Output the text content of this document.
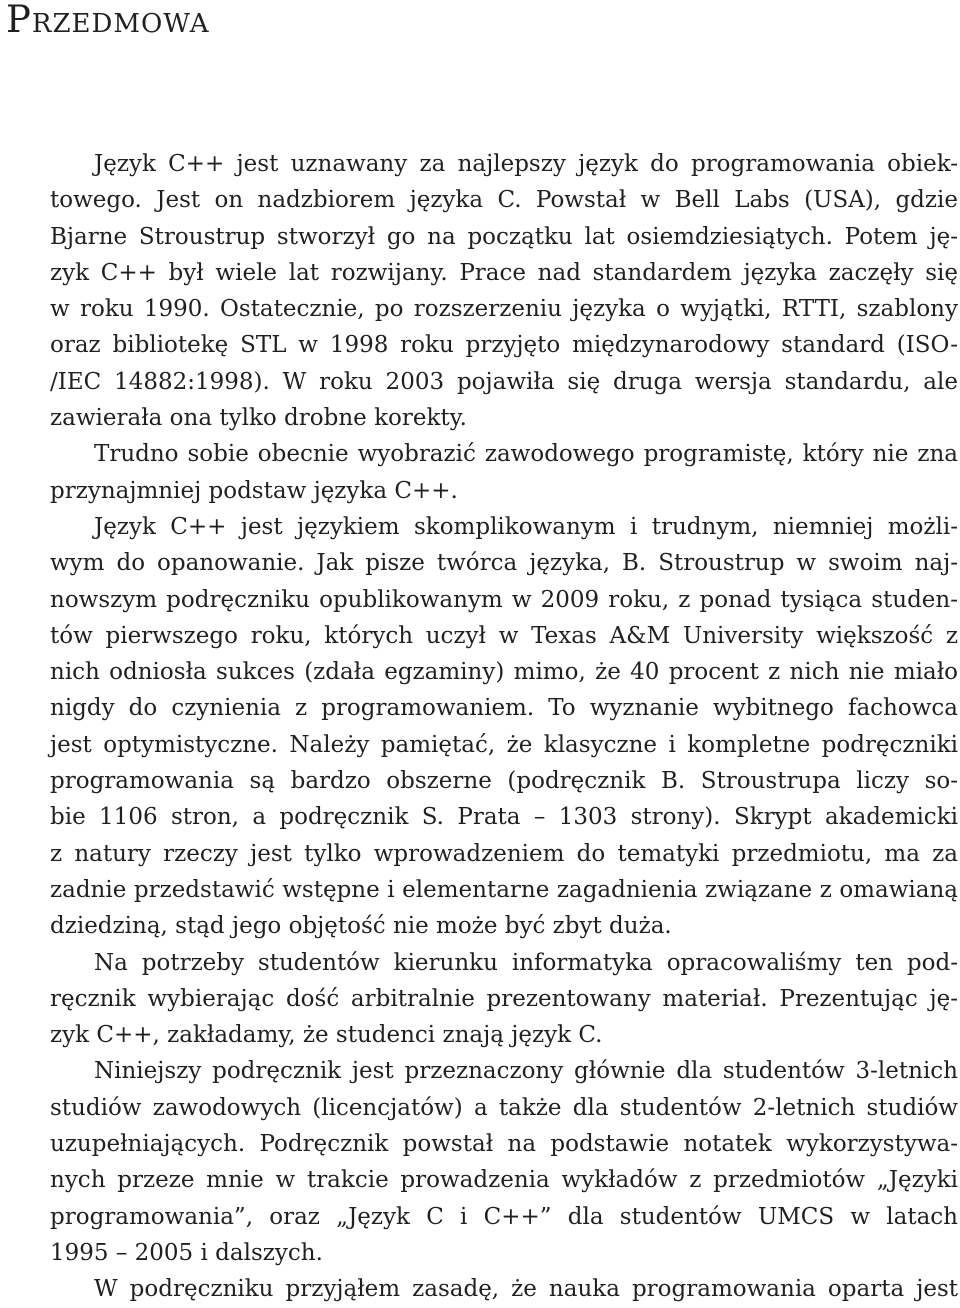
Przedmowa
Język C++ jest uznawany za najlepszy język do programowania obiek-
towego. Jest on nadzbiorem języka C. Powstał w Bell Labs (USA), gdzie
Bjarne Stroustrup stworzył go na początku lat osiemdziesiątych. Potem ję-
zyk C++ był wiele lat rozwijany. Prace nad standardem języka zaczęły się
w roku 1990. Ostatecznie, po rozszerzeniu języka o wyjątki, RTTI, szablony
oraz bibliotekę STL w 1998 roku przyjęto międzynarodowy standard (ISO-
/IEC 14882:1998). W roku 2003 pojawiła się druga wersja standardu, ale
zawierała ona tylko drobne korekty.
Trudno sobie obecnie wyobrazić zawodowego programistę, który nie zna
przynajmniej podstaw języka C++.
Język C++ jest językiem skomplikowanym i trudnym, niemniej możli-
wym do opanowanie. Jak pisze twórca języka, B. Stroustrup w swoim naj-
nowszym podręczniku opublikowanym w 2009 roku, z ponad tysiąca studen-
tów pierwszego roku, których uczył w Texas A&M University większość z
nich odniosła sukces (zdała egzaminy) mimo, że 40 procent z nich nie miało
nigdy do czynienia z programowaniem. To wyznanie wybitnego fachowca
jest optymistyczne. Należy pamiętać, że klasyczne i kompletne podręczniki
programowania są bardzo obszerne (podręcznik B. Stroustrupa liczy so-
bie 1106 stron, a podręcznik S. Prata – 1303 strony). Skrypt akademicki
z natury rzeczy jest tylko wprowadzeniem do tematyki przedmiotu, ma za
zadnie przedstawić wstępne i elementarne zagadnienia związane z omawianą
dziedziną, stąd jego objętość nie może być zbyt duża.
Na potrzeby studentów kierunku informatyka opracowaliśmy ten pod-
ręcznik wybierając dość arbitralnie prezentowany materiał. Prezentując ję-
zyk C++, zakładamy, że studenci znają język C.
Niniejszy podręcznik jest przeznaczony głównie dla studentów 3-letnich
studiów zawodowych (licencjatów) a także dla studentów 2-letnich studiów
uzupełniających. Podręcznik powstał na podstawie notatek wykorzystywa-
nych przeze mnie w trakcie prowadzenia wykładów z przedmiotów „Języki
programowania”, oraz „Język C i C++” dla studentów UMCS w latach
1995 – 2005 i dalszych.
W podręczniku przyjąłem zasadę, że nauka programowania oparta jest
